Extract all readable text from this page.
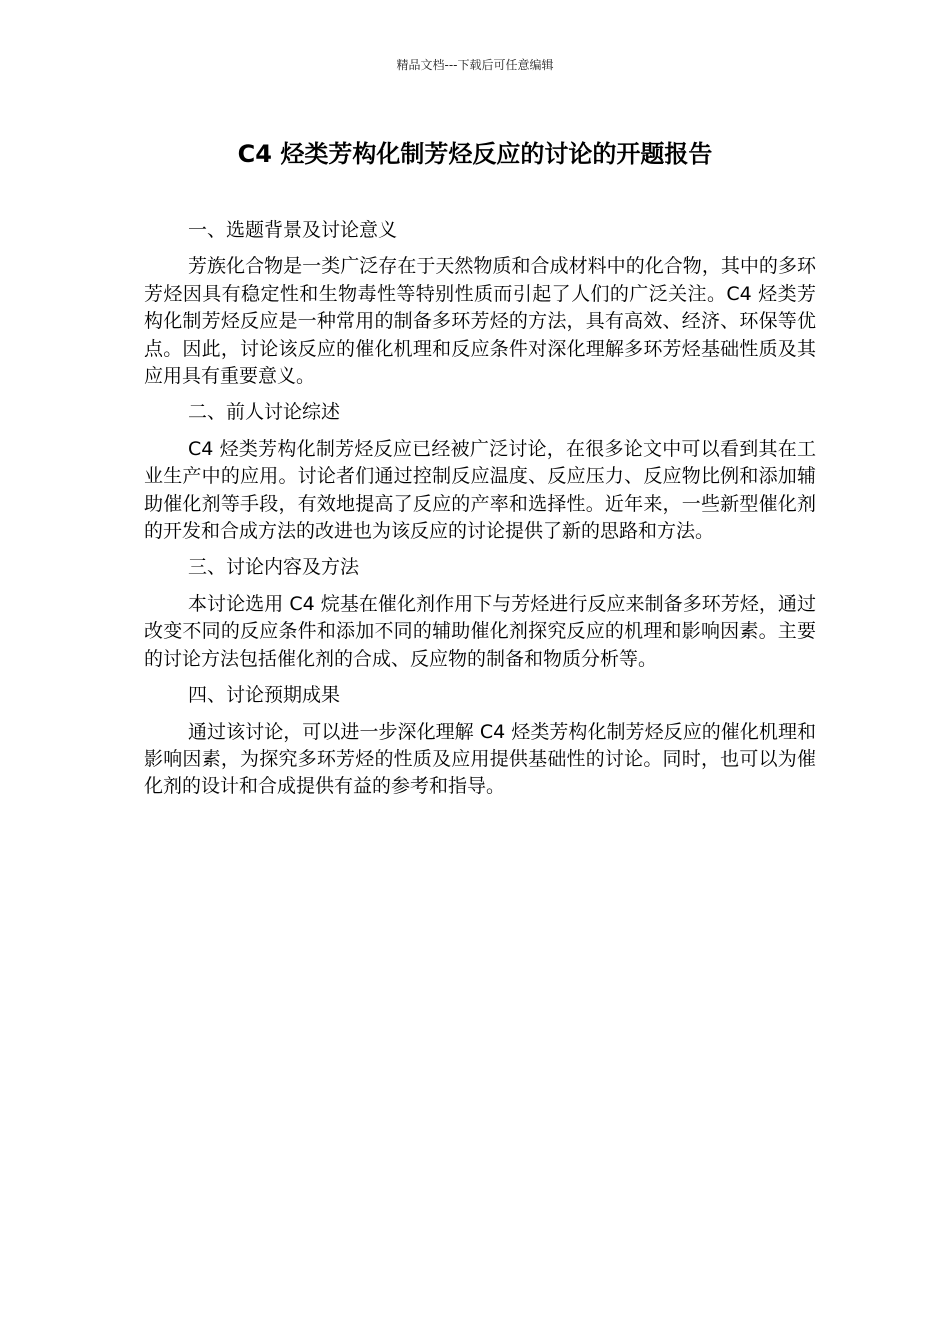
精品文档---下载后可任意编辑
C4 烃类芳构化制芳烃反应的讨论的开题报告
一、选题背景及讨论意义

芳族化合物是一类广泛存在于天然物质和合成材料中的化合物，其中的多环芳烃因具有稳定性和生物毒性等特别性质而引起了人们的广泛关注。C4 烃类芳构化制芳烃反应是一种常用的制备多环芳烃的方法，具有高效、经济、环保等优点。因此，讨论该反应的催化机理和反应条件对深化理解多环芳烃基础性质及其应用具有重要意义。

二、前人讨论综述

C4 烃类芳构化制芳烃反应已经被广泛讨论，在很多论文中可以看到其在工业生产中的应用。讨论者们通过控制反应温度、反应压力、反应物比例和添加辅助催化剂等手段，有效地提高了反应的产率和选择性。近年来，一些新型催化剂的开发和合成方法的改进也为该反应的讨论提供了新的思路和方法。

三、讨论内容及方法

本讨论选用 C4 烷基在催化剂作用下与芳烃进行反应来制备多环芳烃，通过改变不同的反应条件和添加不同的辅助催化剂探究反应的机理和影响因素。主要的讨论方法包括催化剂的合成、反应物的制备和物质分析等。

四、讨论预期成果

通过该讨论，可以进一步深化理解 C4 烃类芳构化制芳烃反应的催化机理和影响因素，为探究多环芳烃的性质及应用提供基础性的讨论。同时，也可以为催化剂的设计和合成提供有益的参考和指导。
